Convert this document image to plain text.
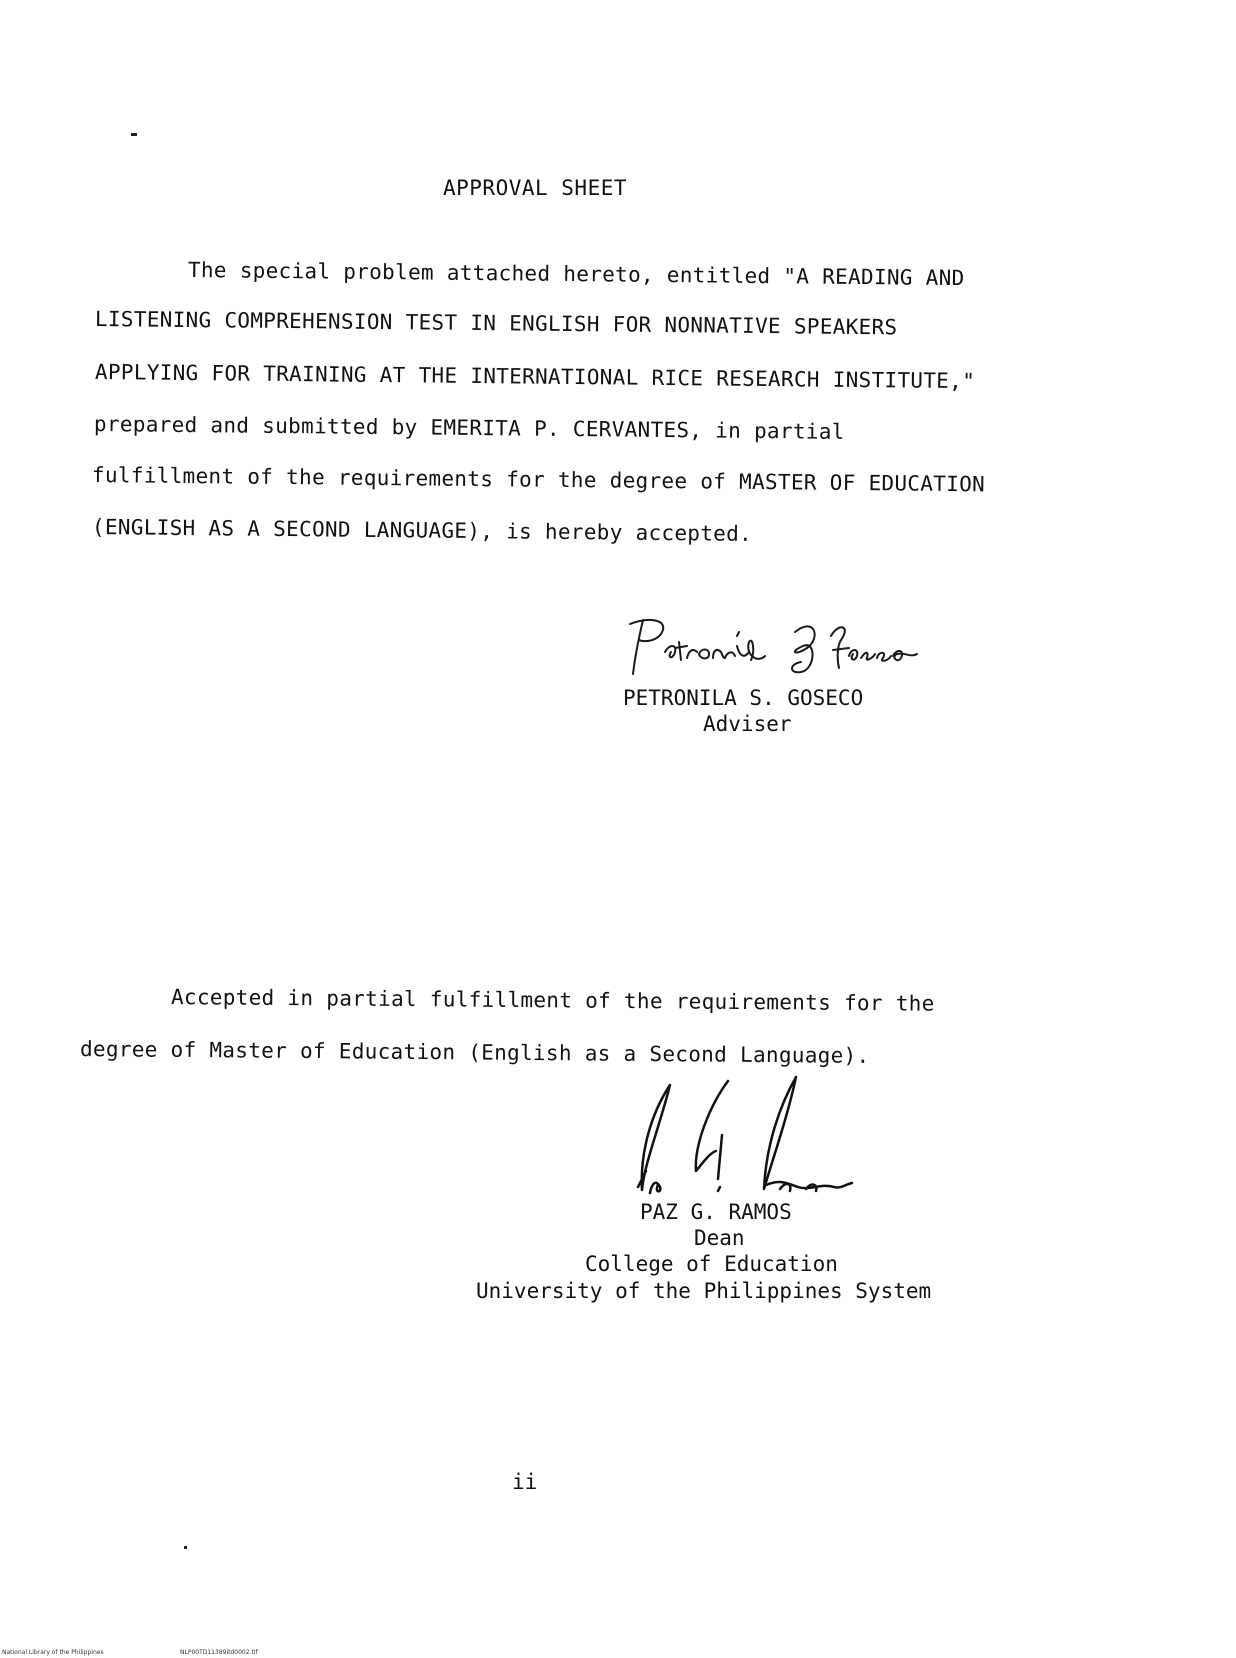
APPROVAL SHEET
The special problem attached hereto, entitled "A READING AND
LISTENING COMPREHENSION TEST IN ENGLISH FOR NONNATIVE SPEAKERS
APPLYING FOR TRAINING AT THE INTERNATIONAL RICE RESEARCH INSTITUTE,"
prepared and submitted by EMERITA P. CERVANTES, in partial
fulfillment of the requirements for the degree of MASTER OF EDUCATION
(ENGLISH AS A SECOND LANGUAGE), is hereby accepted.
PETRONILA S. GOSECO
Adviser
Accepted in partial fulfillment of the requirements for the
degree of Master of Education (English as a Second Language).
PAZ G. RAMOS
Dean
College of Education
University of the Philippines System
ii
National Library of the Philippines	NLP00TD11389itd0002.tif
